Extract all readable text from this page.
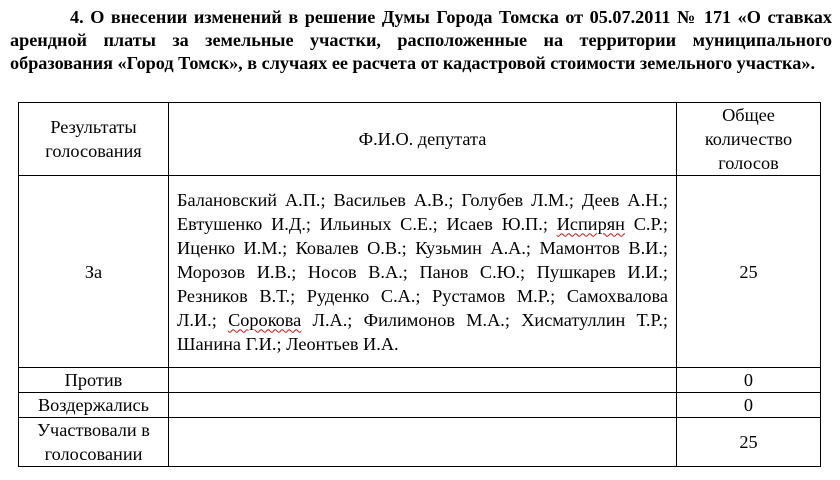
4. О внесении изменений в решение Думы Города Томска от 05.07.2011 № 171 «О ставках арендной платы за земельные участки, расположенные на территории муниципального образования «Город Томск», в случаях ее расчета от кадастровой стоимости земельного участка».
Результаты голосования	Ф.И.О. депутата	Общее количество голосов
За	Балановский А.П.; Васильев А.В.; Голубев Л.М.; Деев А.Н.; Евтушенко И.Д.; Ильиных С.Е.; Исаев Ю.П.; Испирян С.Р.; Иценко И.М.; Ковалев О.В.; Кузьмин А.А.; Мамонтов В.И.; Морозов И.В.; Носов В.А.; Панов С.Ю.; Пушкарев И.И.; Резников В.Т.; Руденко С.А.; Рустамов М.Р.; Самохвалова Л.И.; Сорокова Л.А.; Филимонов М.А.; Хисматуллин Т.Р.; Шанина Г.И.; Леонтьев И.А.	25
Против		0
Воздержались		0
Участвовали в голосовании		25
